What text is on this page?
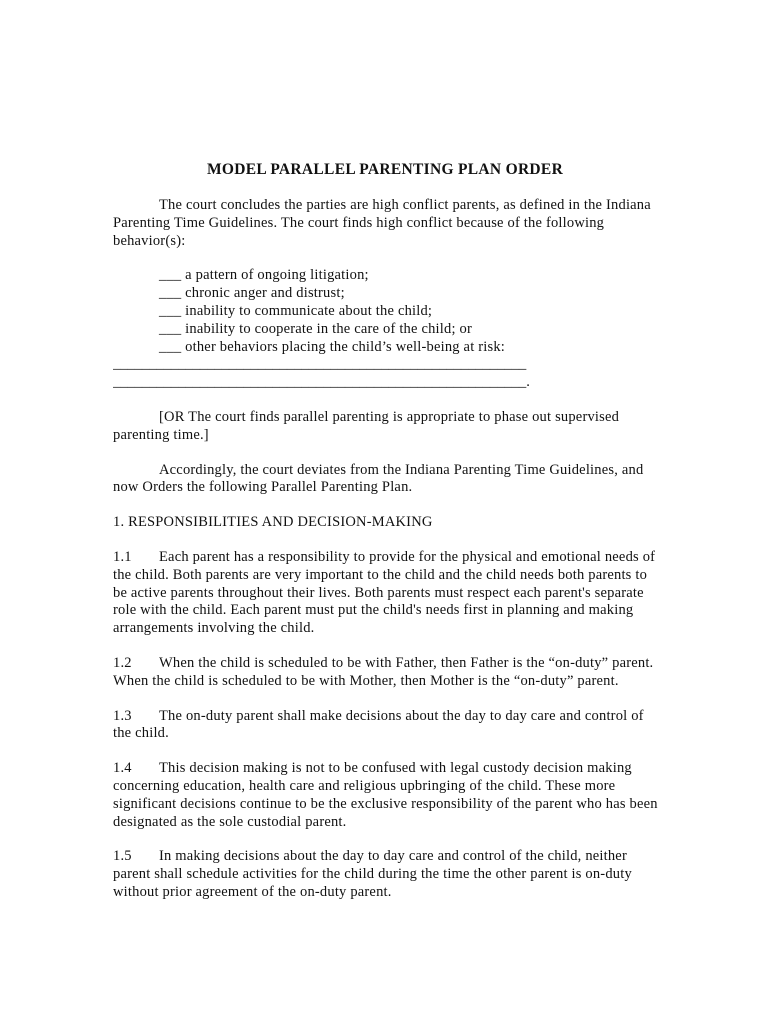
MODEL PARALLEL PARENTING PLAN ORDER

The court concludes the parties are high conflict parents, as defined in the Indiana Parenting Time Guidelines. The court finds high conflict because of the following behavior(s):

___ a pattern of ongoing litigation;
___ chronic anger and distrust;
___ inability to communicate about the child;
___ inability to cooperate in the care of the child; or
___ other behaviors placing the child’s well-being at risk:
_________________________________________________________
_________________________________________________________.

[OR The court finds parallel parenting is appropriate to phase out supervised parenting time.]

Accordingly, the court deviates from the Indiana Parenting Time Guidelines, and now Orders the following Parallel Parenting Plan.

1. RESPONSIBILITIES AND DECISION-MAKING

1.1 Each parent has a responsibility to provide for the physical and emotional needs of the child. Both parents are very important to the child and the child needs both parents to be active parents throughout their lives. Both parents must respect each parent's separate role with the child. Each parent must put the child's needs first in planning and making arrangements involving the child.

1.2 When the child is scheduled to be with Father, then Father is the “on-duty” parent. When the child is scheduled to be with Mother, then Mother is the “on-duty” parent.

1.3 The on-duty parent shall make decisions about the day to day care and control of the child.

1.4 This decision making is not to be confused with legal custody decision making concerning education, health care and religious upbringing of the child. These more significant decisions continue to be the exclusive responsibility of the parent who has been designated as the sole custodial parent.

1.5 In making decisions about the day to day care and control of the child, neither parent shall schedule activities for the child during the time the other parent is on-duty without prior agreement of the on-duty parent.
